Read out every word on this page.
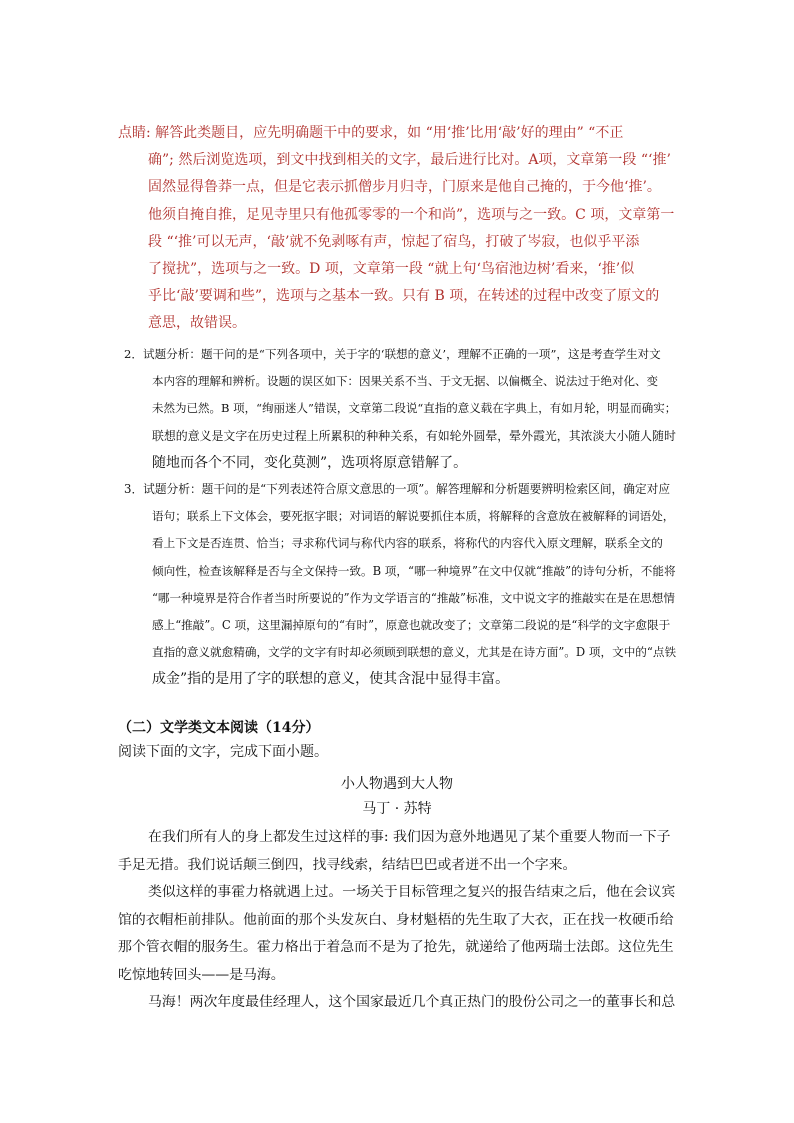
点睛: 解答此类题目，应先明确题干中的要求，如 “用‘推’比用‘敲’好的理由” “不正

确”; 然后浏览选项，到文中找到相关的文字，最后进行比对。A项，文章第一段 “‘推’

固然显得鲁莽一点，但是它表示抓僧步月归寺，门原来是他自己掩的，于今他‘推’。

他须自掩自推，足见寺里只有他孤零零的一个和尚”，选项与之一致。C 项，文章第一

段 “‘推’可以无声，‘敲’就不免剥啄有声，惊起了宿鸟，打破了岑寂，也似乎平添

了搅扰”，选项与之一致。D 项，文章第一段 “就上句‘鸟宿池边树’看来，‘推’似

乎比‘敲’要调和些”，选项与之基本一致。只有 B 项，在转述的过程中改变了原文的

意思，故错误。

2．试题分析：题干问的是“下列各项中，关于字的‘联想的意义’，理解不正确的一项”，这是考查学生对文

本内容的理解和辨析。设题的误区如下：因果关系不当、于文无据、以偏概全、说法过于绝对化、变

未然为已然。B 项，“绚丽迷人”错误，文章第二段说“直指的意义载在字典上，有如月轮，明显而确实；

联想的意义是文字在历史过程上所累积的种种关系，有如轮外圆晕，晕外霞光，其浓淡大小随人随时

随地而各个不同，变化莫测”，选项将原意错解了。

3．试题分析：题干问的是“下列表述符合原文意思的一项”。解答理解和分析题要辨明检索区间，确定对应

语句；联系上下文体会，要死抠字眼；对词语的解说要抓住本质，将解释的含意放在被解释的词语处，

看上下文是否连贯、恰当；寻求称代词与称代内容的联系，将称代的内容代入原文理解，联系全文的

倾向性，检查该解释是否与全文保持一致。B 项，“哪一种境界”在文中仅就“推敲”的诗句分析，不能将

“哪一种境界是符合作者当时所要说的”作为文学语言的“推敲”标准，文中说文字的推敲实在是在思想情

感上“推敲”。C 项，这里漏掉原句的“有时”，原意也就改变了；文章第二段说的是“科学的文字愈限于

直指的意义就愈精确，文学的文字有时却必须顾到联想的意义，尤其是在诗方面”。D 项，文中的“点铁

成金”指的是用了字的联想的意义，使其含混中显得丰富。

（二）文学类文本阅读（14分）
阅读下面的文字，完成下面小题。
小人物遇到大人物
马丁 · 苏特

在我们所有人的身上都发生过这样的事: 我们因为意外地遇见了某个重要人物而一下子

手足无措。我们说话颠三倒四，找寻线索，结结巴巴或者迸不出一个字来。

类似这样的事霍力格就遇上过。一场关于目标管理之复兴的报告结束之后，他在会议宾

馆的衣帽柜前排队。他前面的那个头发灰白、身材魁梧的先生取了大衣，正在找一枚硬币给

那个管衣帽的服务生。霍力格出于着急而不是为了抢先，就递给了他两瑞士法郎。这位先生

吃惊地转回头——是马海。

马海！两次年度最佳经理人，这个国家最近几个真正热门的股份公司之一的董事长和总
